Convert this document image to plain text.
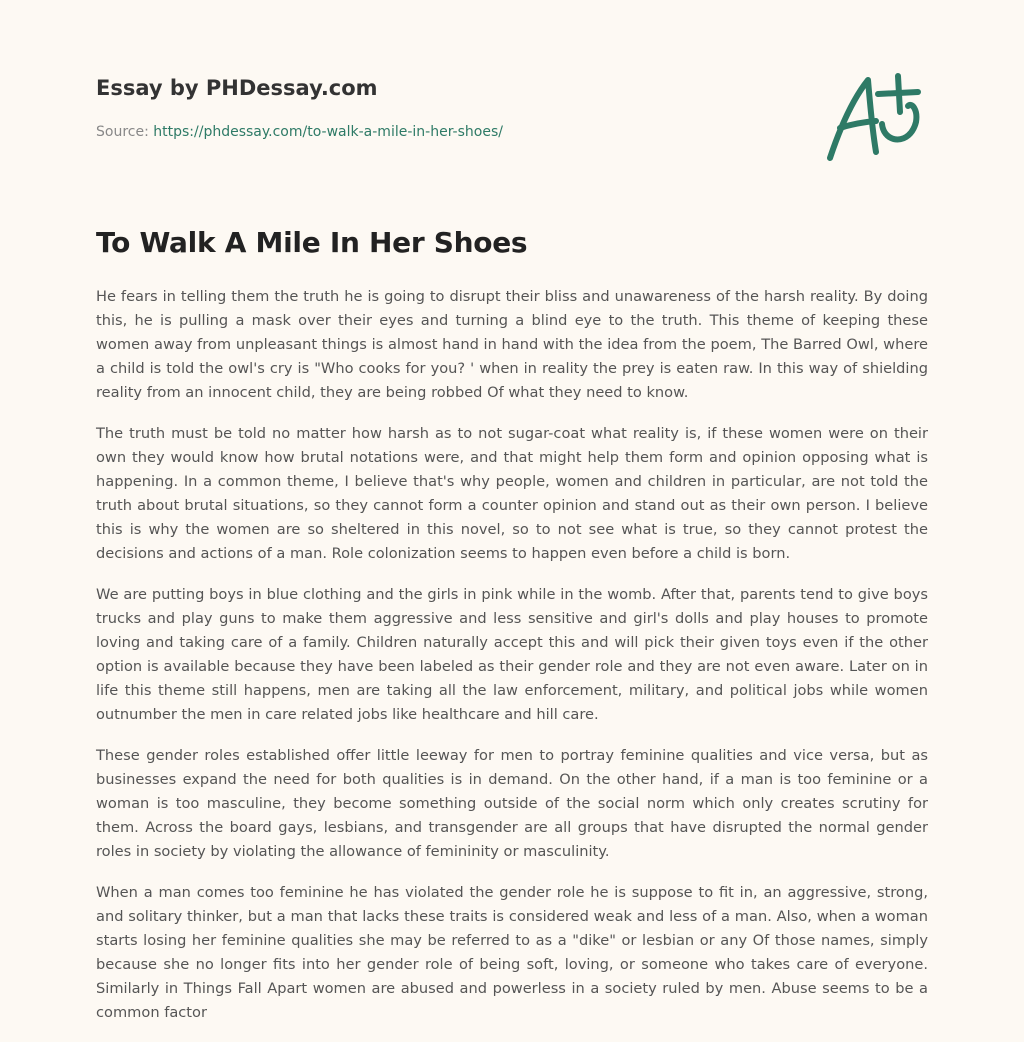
Essay by PHDessay.com

Source: https://phdessay.com/to-walk-a-mile-in-her-shoes/

To Walk A Mile In Her Shoes

He fears in telling them the truth he is going to disrupt their bliss and unawareness of the harsh reality. By doing this, he is pulling a mask over their eyes and turning a blind eye to the truth. This theme of keeping these women away from unpleasant things is almost hand in hand with the idea from the poem, The Barred Owl, where a child is told the owl's cry is "Who cooks for you? ' when in reality the prey is eaten raw. In this way of shielding reality from an innocent child, they are being robbed Of what they need to know.

The truth must be told no matter how harsh as to not sugar-coat what reality is, if these women were on their own they would know how brutal notations were, and that might help them form and opinion opposing what is happening. In a common theme, I believe that's why people, women and children in particular, are not told the truth about brutal situations, so they cannot form a counter opinion and stand out as their own person. I believe this is why the women are so sheltered in this novel, so to not see what is true, so they cannot protest the decisions and actions of a man. Role colonization seems to happen even before a child is born.

We are putting boys in blue clothing and the girls in pink while in the womb. After that, parents tend to give boys trucks and play guns to make them aggressive and less sensitive and girl's dolls and play houses to promote loving and taking care of a family. Children naturally accept this and will pick their given toys even if the other option is available because they have been labeled as their gender role and they are not even aware. Later on in life this theme still happens, men are taking all the law enforcement, military, and political jobs while women outnumber the men in care related jobs like healthcare and hill care.

These gender roles established offer little leeway for men to portray feminine qualities and vice versa, but as businesses expand the need for both qualities is in demand. On the other hand, if a man is too feminine or a woman is too masculine, they become something outside of the social norm which only creates scrutiny for them. Across the board gays, lesbians, and transgender are all groups that have disrupted the normal gender roles in society by violating the allowance of femininity or masculinity.

When a man comes too feminine he has violated the gender role he is suppose to fit in, an aggressive, strong, and solitary thinker, but a man that lacks these traits is considered weak and less of a man. Also, when a woman starts losing her feminine qualities she may be referred to as a "dike" or lesbian or any Of those names, simply because she no longer fits into her gender role of being soft, loving, or someone who takes care of everyone. Similarly in Things Fall Apart women are abused and powerless in a society ruled by men. Abuse seems to be a common factor
